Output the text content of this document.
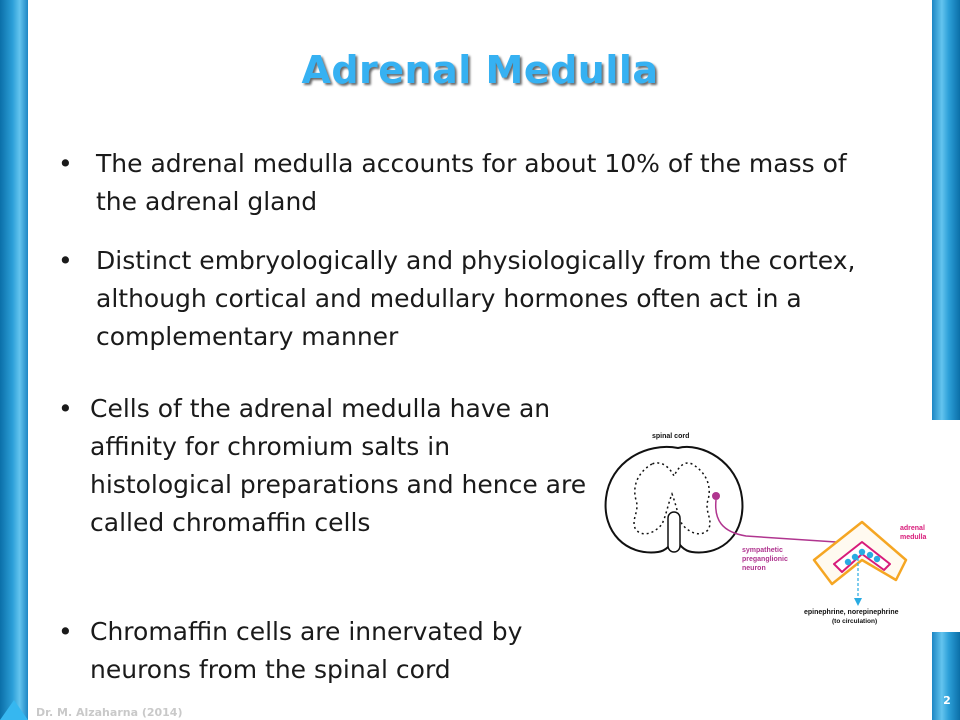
2
Dr. M. Alzaharna (2014)
Adrenal Medulla
• The adrenal medulla accounts for about 10% of the mass of the adrenal gland
• Distinct embryologically and physiologically from the cortex, although cortical and medullary hormones often act in a complementary manner
• Cells of the adrenal medulla have an affinity for chromium salts in histological preparations and hence are called chromaffin cells
• Chromaffin cells are innervated by neurons from the spinal cord
spinal cord
sympathetic
preganglionic
neuron
adrenal
medulla
epinephrine, norepinephrine
(to circulation)
